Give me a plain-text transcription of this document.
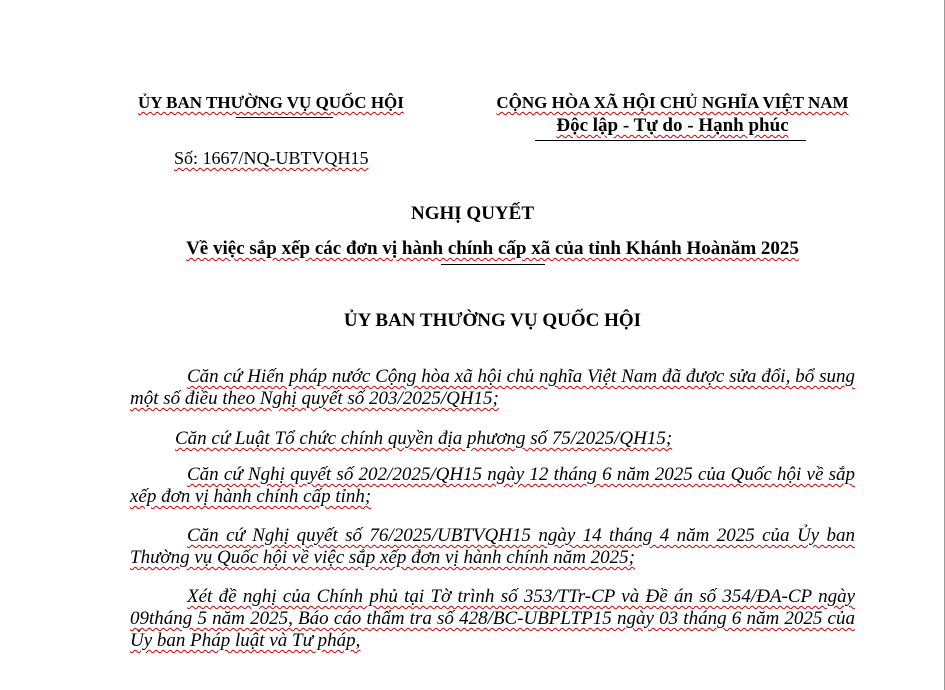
ỦY BAN THƯỜNG VỤ QUỐC HỘI	CỘNG HÒA XÃ HỘI CHỦ NGHĨA VIỆT NAM
Độc lập - Tự do - Hạnh phúc
Số: 1667/NQ-UBTVQH15
NGHỊ QUYẾT
Về việc sắp xếp các đơn vị hành chính cấp xã của tỉnh Khánh Hoànăm 2025
ỦY BAN THƯỜNG VỤ QUỐC HỘI
Căn cứ Hiến pháp nước Cộng hòa xã hội chủ nghĩa Việt Nam đã được sửa đổi, bổ sung một số điều theo Nghị quyết số 203/2025/QH15;
Căn cứ Luật Tổ chức chính quyền địa phương số 75/2025/QH15;
Căn cứ Nghị quyết số 202/2025/QH15 ngày 12 tháng 6 năm 2025 của Quốc hội về sắp xếp đơn vị hành chính cấp tỉnh;
Căn cứ Nghị quyết số 76/2025/UBTVQH15 ngày 14 tháng 4 năm 2025 của Ủy ban Thường vụ Quốc hội về việc sắp xếp đơn vị hành chính năm 2025;
Xét đề nghị của Chính phủ tại Tờ trình số 353/TTr-CP và Đề án số 354/ĐA-CP ngày 09tháng 5 năm 2025, Báo cáo thẩm tra số 428/BC-UBPLTP15 ngày 03 tháng 6 năm 2025 của Ủy ban Pháp luật và Tư pháp,
